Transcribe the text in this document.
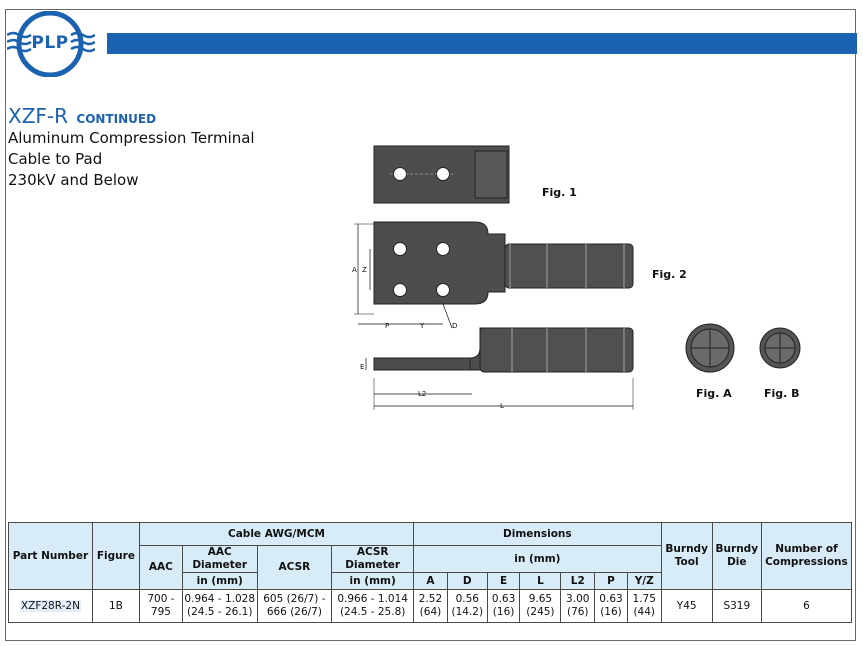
PLP
XZF-R CONTINUED
Aluminum Compression Terminal
Cable to Pad
230kV and Below
Fig. 1
A Z
P	Y	D
Fig. 2
E
L2
L
Fig. A	Fig. B
Part Number	Figure	Cable AWG/MCM				Dimensions							Burndy Tool	Burndy Die	Number of Compressions
		AAC	AAC Diameter	ACSR	ACSR Diameter	in (mm)									
			in (mm)		in (mm)	A	D	E	L	L2	P	Y/Z			
XZF28R-2N	1B	700 - 795	0.964 - 1.028 (24.5 - 26.1)	605 (26/7) - 666 (26/7)	0.966 - 1.014 (24.5 - 25.8)	2.52 (64)	0.56 (14.2)	0.63 (16)	9.65 (245)	3.00 (76)	0.63 (16)	1.75 (44)	Y45	S319	6
